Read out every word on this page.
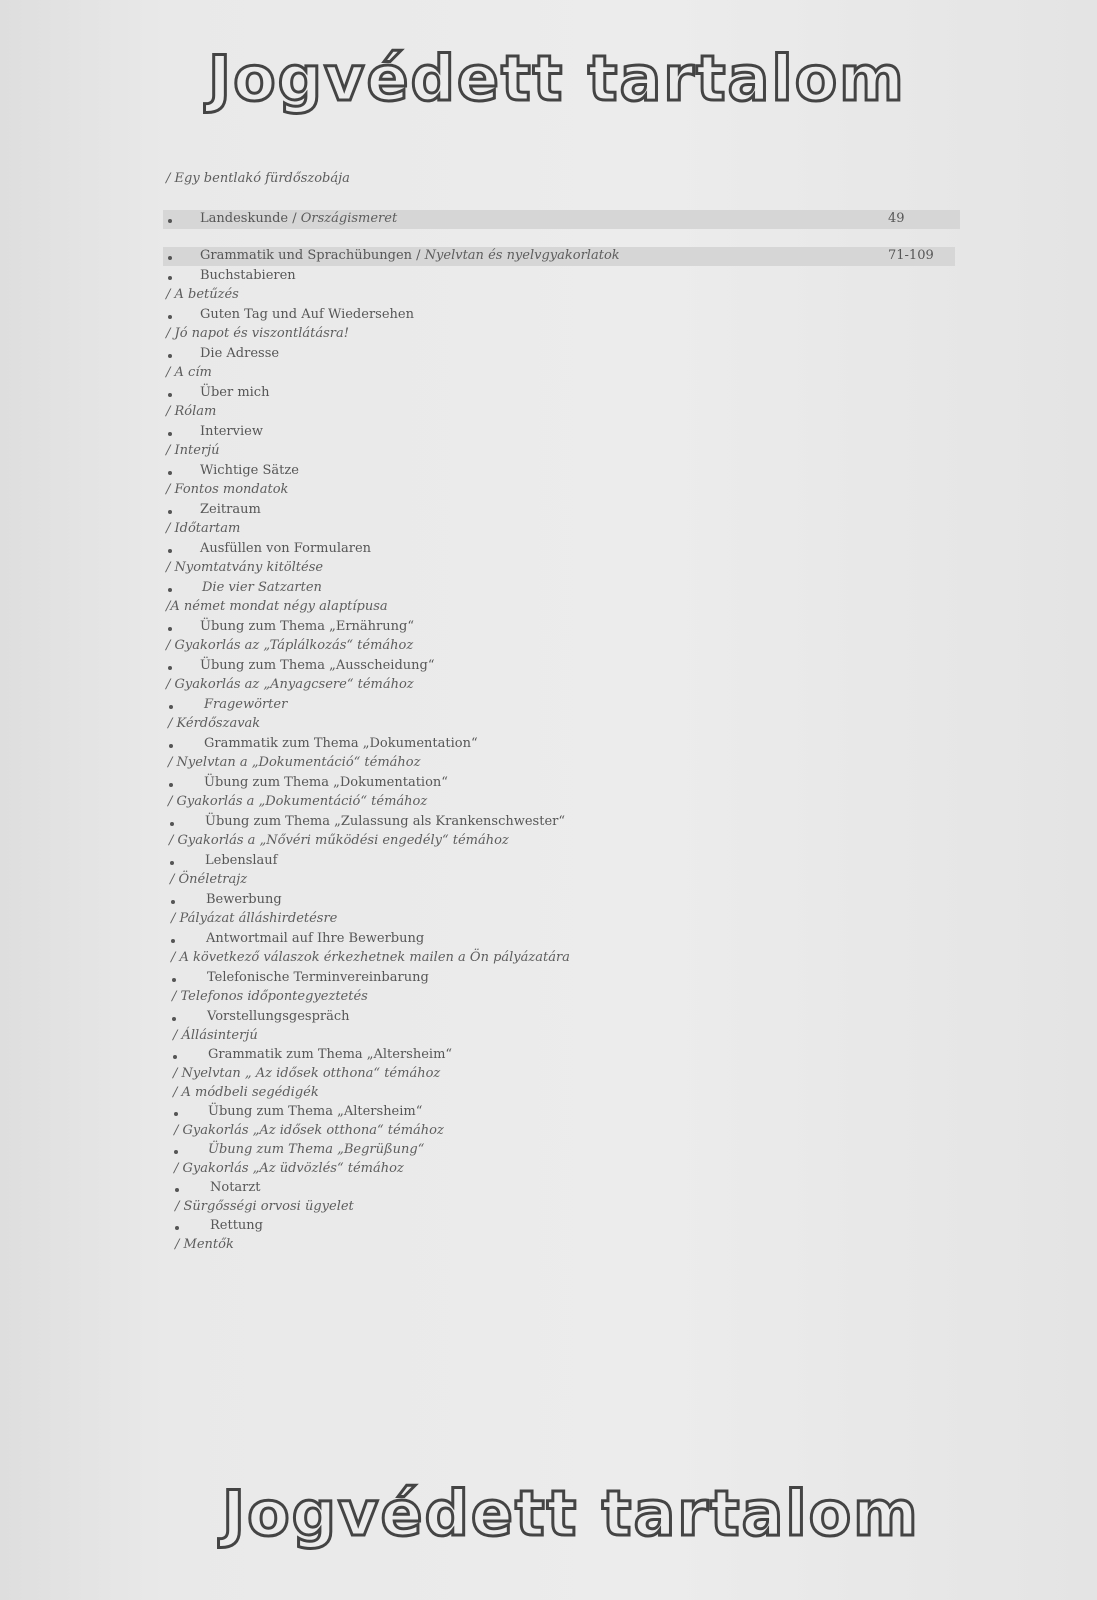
Jogvédett tartalom
/ Egy bentlakó fürdőszobája
Landeskunde / Országismeret	49
Grammatik und Sprachübungen / Nyelvtan és nyelvgyakorlatok	71-109
Buchstabieren
/ A betűzés
Guten Tag und Auf Wiedersehen
/ Jó napot és viszontlátásra!
Die Adresse
/ A cím
Über mich
/ Rólam
Interview
/ Interjú
Wichtige Sätze
/ Fontos mondatok
Zeitraum
/ Időtartam
Ausfüllen von Formularen
/ Nyomtatvány kitöltése
Die vier Satzarten
/A német mondat négy alaptípusa
Übung zum Thema „Ernährung“
/ Gyakorlás az „Táplálkozás“ témához
Übung zum Thema „Ausscheidung“
/ Gyakorlás az „Anyagcsere“ témához
Fragewörter
/ Kérdőszavak
Grammatik zum Thema „Dokumentation“
/ Nyelvtan a „Dokumentáció“ témához
Übung zum Thema „Dokumentation“
/ Gyakorlás a „Dokumentáció“ témához
Übung zum Thema „Zulassung als Krankenschwester“
/ Gyakorlás a „Nővéri működési engedély“ témához
Lebenslauf
/ Önéletrajz
Bewerbung
/ Pályázat álláshirdetésre
Antwortmail auf Ihre Bewerbung
/ A következő válaszok érkezhetnek mailen a Ön pályázatára
Telefonische Terminvereinbarung
/ Telefonos időpontegyeztetés
Vorstellungsgespräch
/ Állásinterjú
Grammatik zum Thema „Altersheim“
/ Nyelvtan „ Az idősek otthona“ témához
/ A módbeli segédigék
Übung zum Thema „Altersheim“
/ Gyakorlás „Az idősek otthona“ témához
Übung zum Thema „Begrüßung“
/ Gyakorlás „Az üdvözlés“ témához
Notarzt
/ Sürgősségi orvosi ügyelet
Rettung
/ Mentők
Jogvédett tartalom
